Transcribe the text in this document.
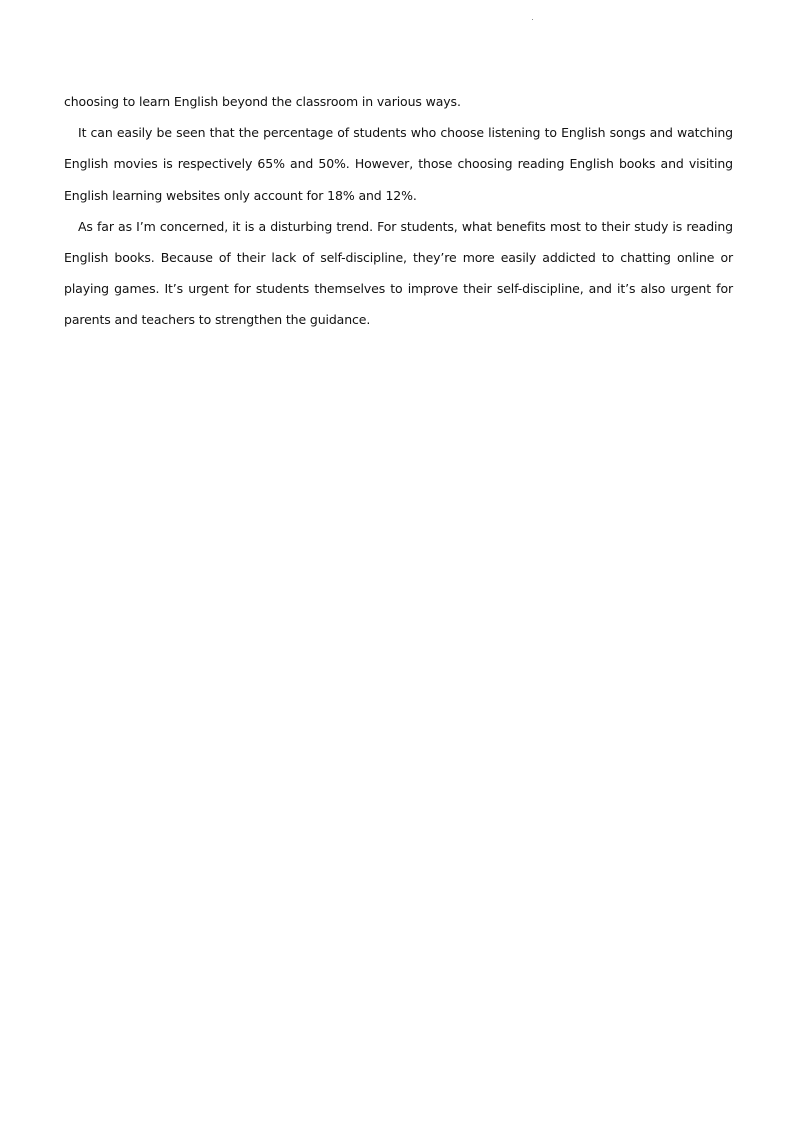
choosing to learn English beyond the classroom in various ways.

It can easily be seen that the percentage of students who choose listening to English songs and watching English movies is respectively 65% and 50%. However, those choosing reading English books and visiting English learning websites only account for 18% and 12%.

As far as I’m concerned, it is a disturbing trend. For students, what benefits most to their study is reading English books. Because of their lack of self-discipline, they’re more easily addicted to chatting online or playing games. It’s urgent for students themselves to improve their self-discipline, and it’s also urgent for parents and teachers to strengthen the guidance.
